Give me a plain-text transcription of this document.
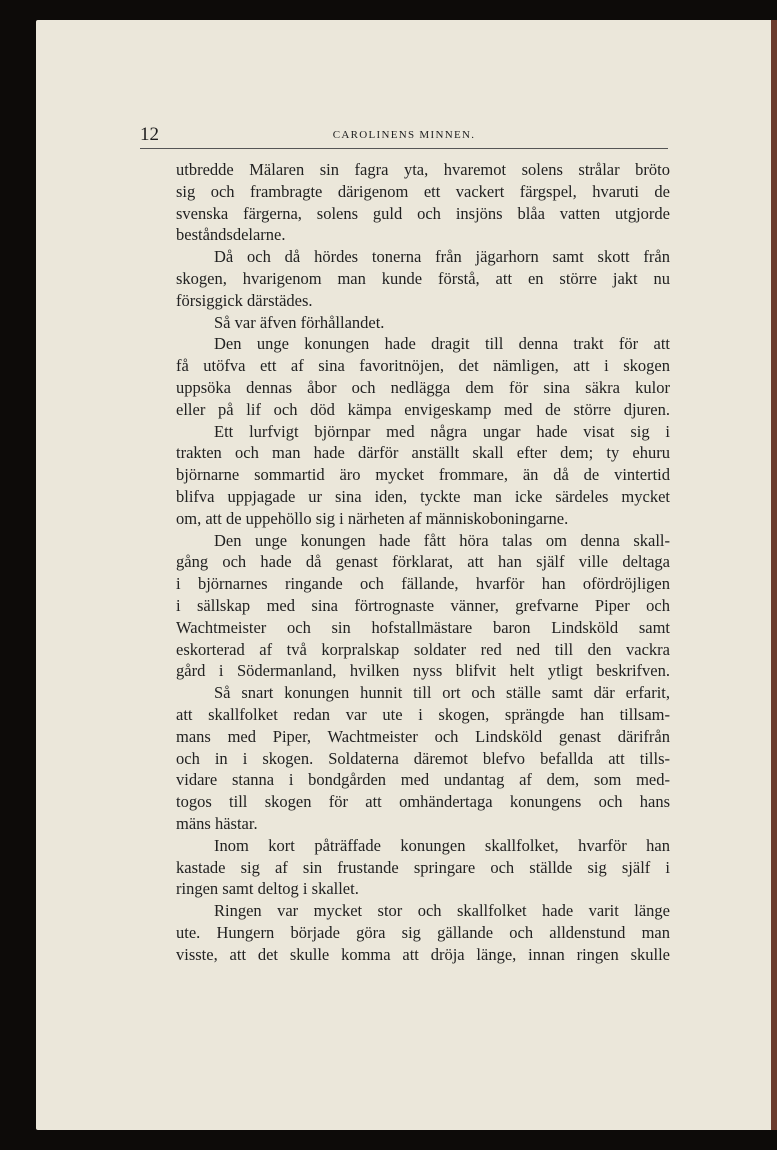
12	CAROLINENS MINNEN.

utbredde Mälaren sin fagra yta, hvaremot solens strålar bröto

sig och frambragte därigenom ett vackert färgspel, hvaruti de

svenska färgerna, solens guld och insjöns blåa vatten utgjorde

beståndsdelarne.

Då och då hördes tonerna från jägarhorn samt skott från

skogen, hvarigenom man kunde förstå, att en större jakt nu

försiggick därstädes.

Så var äfven förhållandet.

Den unge konungen hade dragit till denna trakt för att

få utöfva ett af sina favoritnöjen, det nämligen, att i skogen

uppsöka dennas åbor och nedlägga dem för sina säkra kulor

eller på lif och död kämpa envigeskamp med de större djuren.

Ett lurfvigt björnpar med några ungar hade visat sig i

trakten och man hade därför anställt skall efter dem; ty ehuru

björnarne sommartid äro mycket frommare, än då de vintertid

blifva uppjagade ur sina iden, tyckte man icke särdeles mycket

om, att de uppehöllo sig i närheten af människoboningarne.

Den unge konungen hade fått höra talas om denna skall-

gång och hade då genast förklarat, att han själf ville deltaga

i björnarnes ringande och fällande, hvarför han ofördröjligen

i sällskap med sina förtrognaste vänner, grefvarne Piper och

Wachtmeister och sin hofstallmästare baron Lindsköld samt

eskorterad af två korpralskap soldater red ned till den vackra

gård i Södermanland, hvilken nyss blifvit helt ytligt beskrifven.

Så snart konungen hunnit till ort och ställe samt där erfarit,

att skallfolket redan var ute i skogen, sprängde han tillsam-

mans med Piper, Wachtmeister och Lindsköld genast därifrån

och in i skogen. Soldaterna däremot blefvo befallda att tills-

vidare stanna i bondgården med undantag af dem, som med-

togos till skogen för att omhändertaga konungens och hans

mäns hästar.

Inom kort påträffade konungen skallfolket, hvarför han

kastade sig af sin frustande springare och ställde sig själf i

ringen samt deltog i skallet.

Ringen var mycket stor och skallfolket hade varit länge

ute. Hungern började göra sig gällande och alldenstund man

visste, att det skulle komma att dröja länge, innan ringen skulle
